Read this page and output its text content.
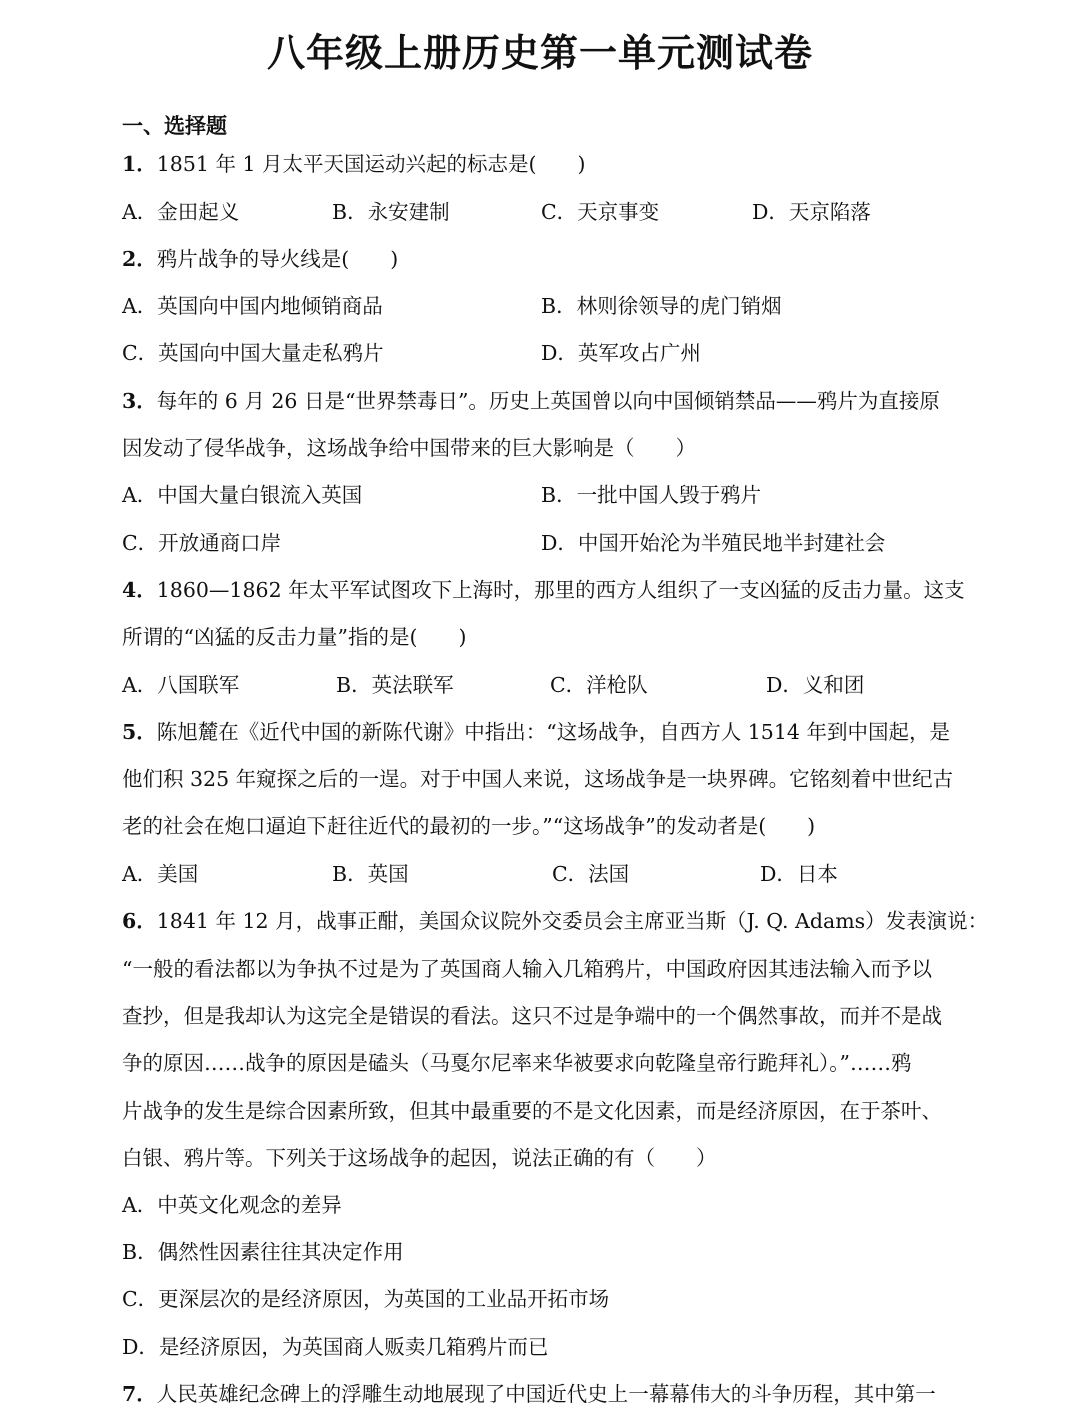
八年级上册历史第一单元测试卷
一、选择题
1．1851 年 1 月太平天国运动兴起的标志是(　　)
A．金田起义	B．永安建制	C．天京事变	D．天京陷落
2．鸦片战争的导火线是(　　)
A．英国向中国内地倾销商品	B．林则徐领导的虎门销烟
C．英国向中国大量走私鸦片	D．英军攻占广州
3．每年的 6 月 26 日是“世界禁毒日”。历史上英国曾以向中国倾销禁品——鸦片为直接原
因发动了侵华战争，这场战争给中国带来的巨大影响是（　　）
A．中国大量白银流入英国	B．一批中国人毁于鸦片
C．开放通商口岸	D．中国开始沦为半殖民地半封建社会
4．1860—1862 年太平军试图攻下上海时，那里的西方人组织了一支凶猛的反击力量。这支
所谓的“凶猛的反击力量”指的是(　　)
A．八国联军	B．英法联军	C．洋枪队	D．义和团
5．陈旭麓在《近代中国的新陈代谢》中指出：“这场战争，自西方人 1514 年到中国起，是
他们积 325 年窥探之后的一逞。对于中国人来说，这场战争是一块界碑。它铭刻着中世纪古
老的社会在炮口逼迫下赶往近代的最初的一步。”“这场战争”的发动者是(　　)
A．美国	B．英国	C．法国	D．日本
6．1841 年 12 月，战事正酣，美国众议院外交委员会主席亚当斯（J. Q. Adams）发表演说：
“一般的看法都以为争执不过是为了英国商人输入几箱鸦片，中国政府因其违法输入而予以
查抄，但是我却认为这完全是错误的看法。这只不过是争端中的一个偶然事故，而并不是战
争的原因……战争的原因是磕头（马戛尔尼率来华被要求向乾隆皇帝行跪拜礼）。”……鸦
片战争的发生是综合因素所致，但其中最重要的不是文化因素，而是经济原因，在于茶叶、
白银、鸦片等。下列关于这场战争的起因，说法正确的有（　　）
A．中英文化观念的差异
B．偶然性因素往往其决定作用
C．更深层次的是经济原因，为英国的工业品开拓市场
D．是经济原因，为英国商人贩卖几箱鸦片而已
7．人民英雄纪念碑上的浮雕生动地展现了中国近代史上一幕幕伟大的斗争历程，其中第一
